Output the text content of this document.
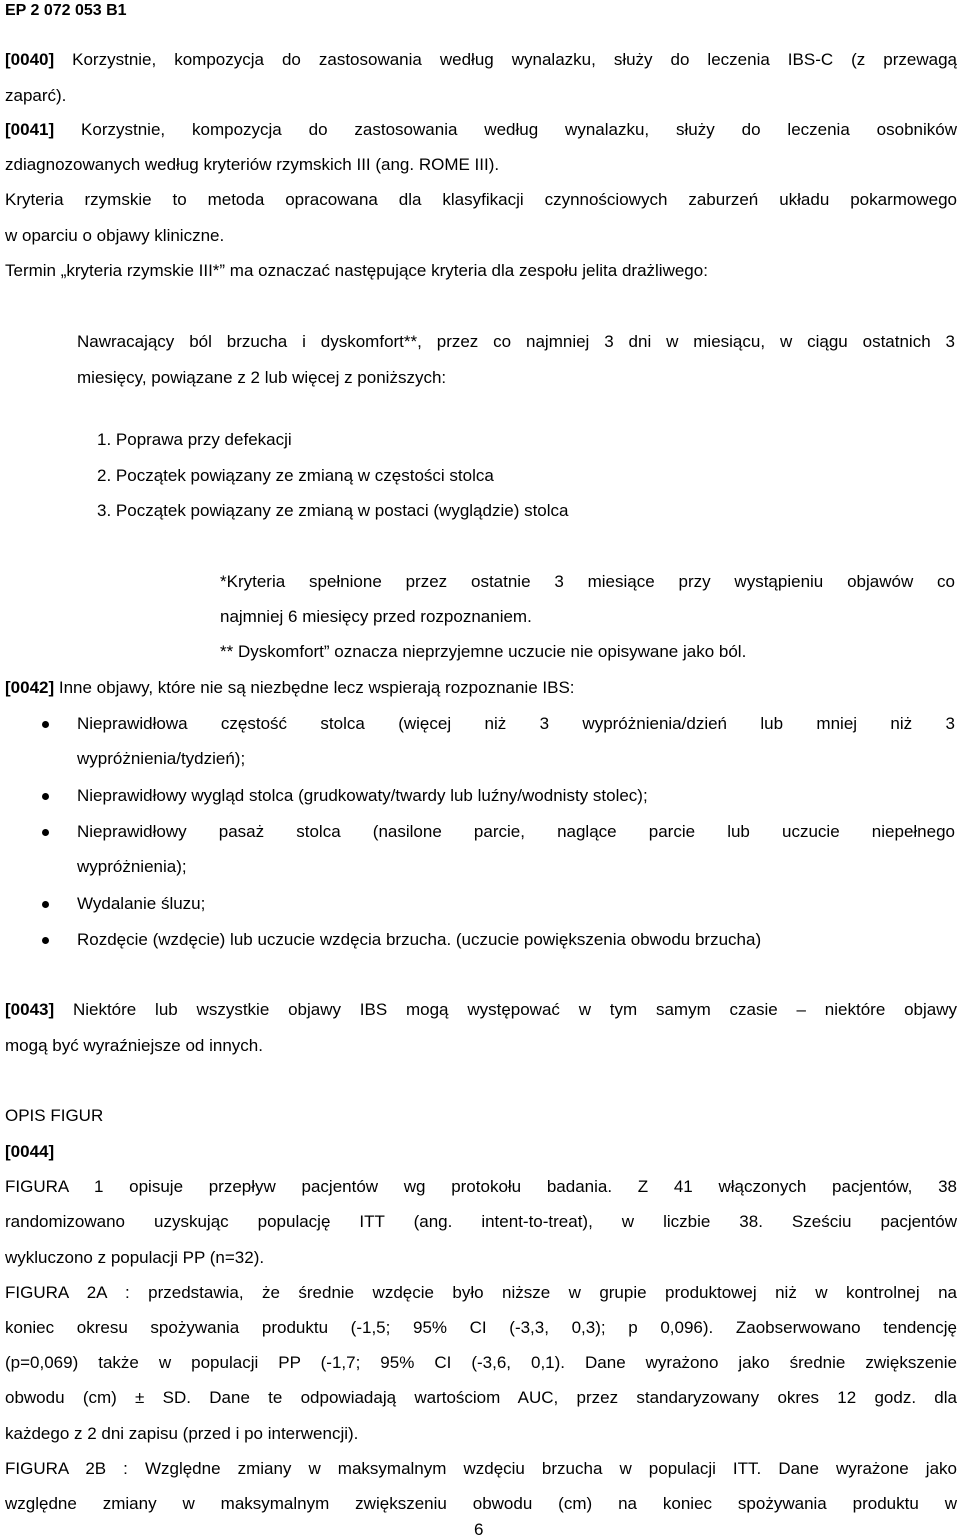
EP 2 072 053 B1
[0040] Korzystnie, kompozycja do zastosowania według wynalazku, służy do leczenia IBS-C (z przewagą
zaparć).
[0041] Korzystnie, kompozycja do zastosowania według wynalazku, służy do leczenia osobników
zdiagnozowanych według kryteriów rzymskich III (ang. ROME III).
Kryteria rzymskie to metoda opracowana dla klasyfikacji czynnościowych zaburzeń układu pokarmowego
w oparciu o objawy kliniczne.
Termin „kryteria rzymskie III*” ma oznaczać następujące kryteria dla zespołu jelita drażliwego:
Nawracający ból brzucha i dyskomfort**, przez co najmniej 3 dni w miesiącu, w ciągu ostatnich 3
miesięcy, powiązane z 2 lub więcej z poniższych:
1. Poprawa przy defekacji
2. Początek powiązany ze zmianą w częstości stolca
3. Początek powiązany ze zmianą w postaci (wyglądzie) stolca
*Kryteria spełnione przez ostatnie 3 miesiące przy wystąpieniu objawów co
najmniej 6 miesięcy przed rozpoznaniem.
** Dyskomfort” oznacza nieprzyjemne uczucie nie opisywane jako ból.
[0042] Inne objawy, które nie są niezbędne lecz wspierają rozpoznanie IBS:
Nieprawidłowa częstość stolca (więcej niż 3 wypróżnienia/dzień lub mniej niż 3
wypróżnienia/tydzień);
Nieprawidłowy wygląd stolca (grudkowaty/twardy lub luźny/wodnisty stolec);
Nieprawidłowy pasaż stolca (nasilone parcie, naglące parcie lub uczucie niepełnego
wypróżnienia);
Wydalanie śluzu;
Rozdęcie (wzdęcie) lub uczucie wzdęcia brzucha. (uczucie powiększenia obwodu brzucha)
[0043] Niektóre lub wszystkie objawy IBS mogą występować w tym samym czasie – niektóre objawy
mogą być wyraźniejsze od innych.
OPIS FIGUR
[0044]
FIGURA 1 opisuje przepływ pacjentów wg protokołu badania. Z 41 włączonych pacjentów, 38
randomizowano uzyskując populację ITT (ang. intent-to-treat), w liczbie 38. Sześciu pacjentów
wykluczono z populacji PP (n=32).
FIGURA 2A : przedstawia, że średnie wzdęcie było niższe w grupie produktowej niż w kontrolnej na
koniec okresu spożywania produktu (-1,5; 95% CI (-3,3, 0,3); p 0,096). Zaobserwowano tendencję
(p=0,069) także w populacji PP (-1,7; 95% CI (-3,6, 0,1). Dane wyrażono jako średnie zwiększenie
obwodu (cm) ± SD. Dane te odpowiadają wartościom AUC, przez standaryzowany okres 12 godz. dla
każdego z 2 dni zapisu (przed i po interwencji).
FIGURA 2B : Względne zmiany w maksymalnym wzdęciu brzucha w populacji ITT. Dane wyrażone jako
względne zmiany w maksymalnym zwiększeniu obwodu (cm) na koniec spożywania produktu w
6
